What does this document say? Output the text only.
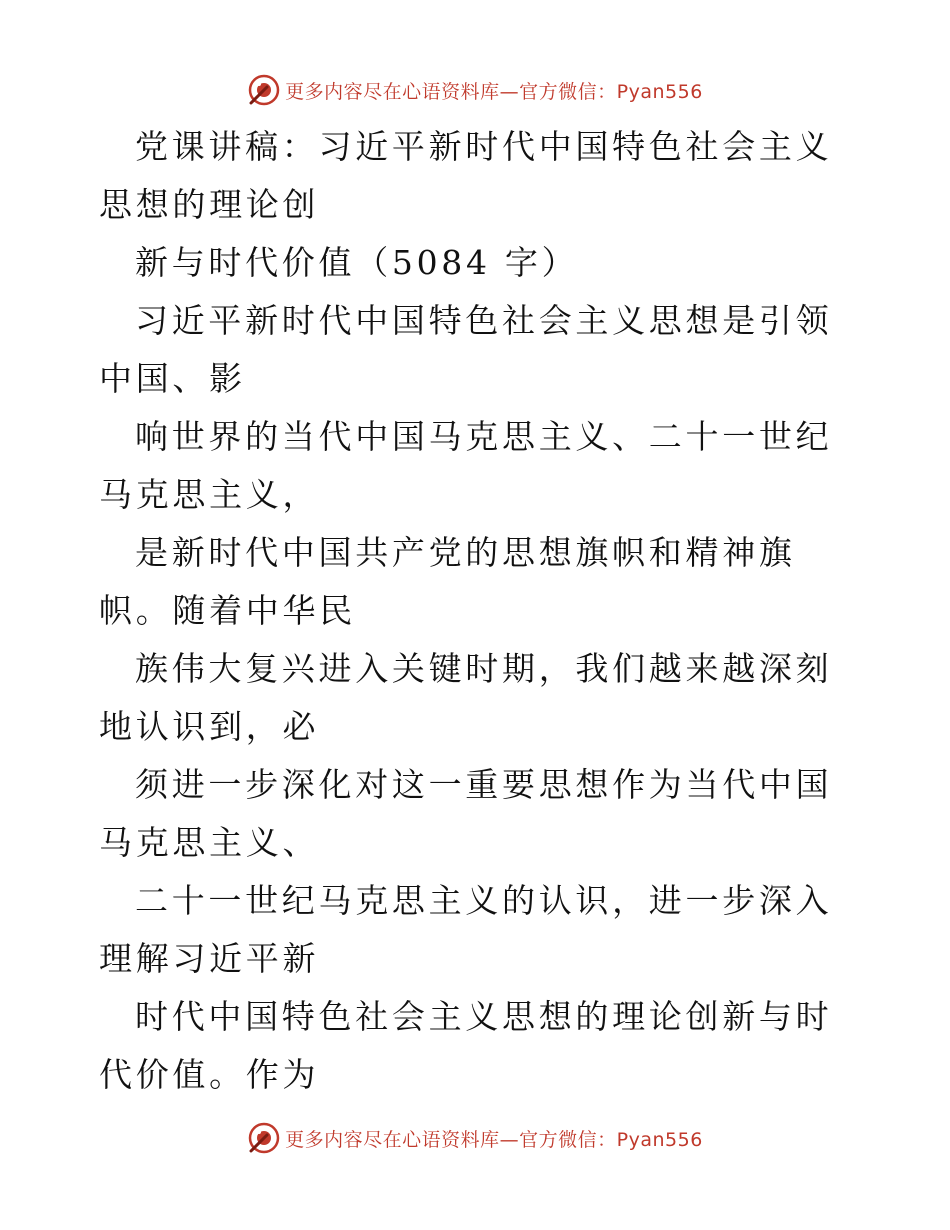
更多内容尽在心语资料库—官方微信：Pyan556
党课讲稿：习近平新时代中国特色社会主义思想的理论创
新与时代价值（5084 字）
习近平新时代中国特色社会主义思想是引领中国、影
响世界的当代中国马克思主义、二十一世纪马克思主义，
是新时代中国共产党的思想旗帜和精神旗帜。随着中华民
族伟大复兴进入关键时期，我们越来越深刻地认识到，必
须进一步深化对这一重要思想作为当代中国马克思主义、
二十一世纪马克思主义的认识，进一步深入理解习近平新
时代中国特色社会主义思想的理论创新与时代价值。作为
更多内容尽在心语资料库—官方微信：Pyan556
